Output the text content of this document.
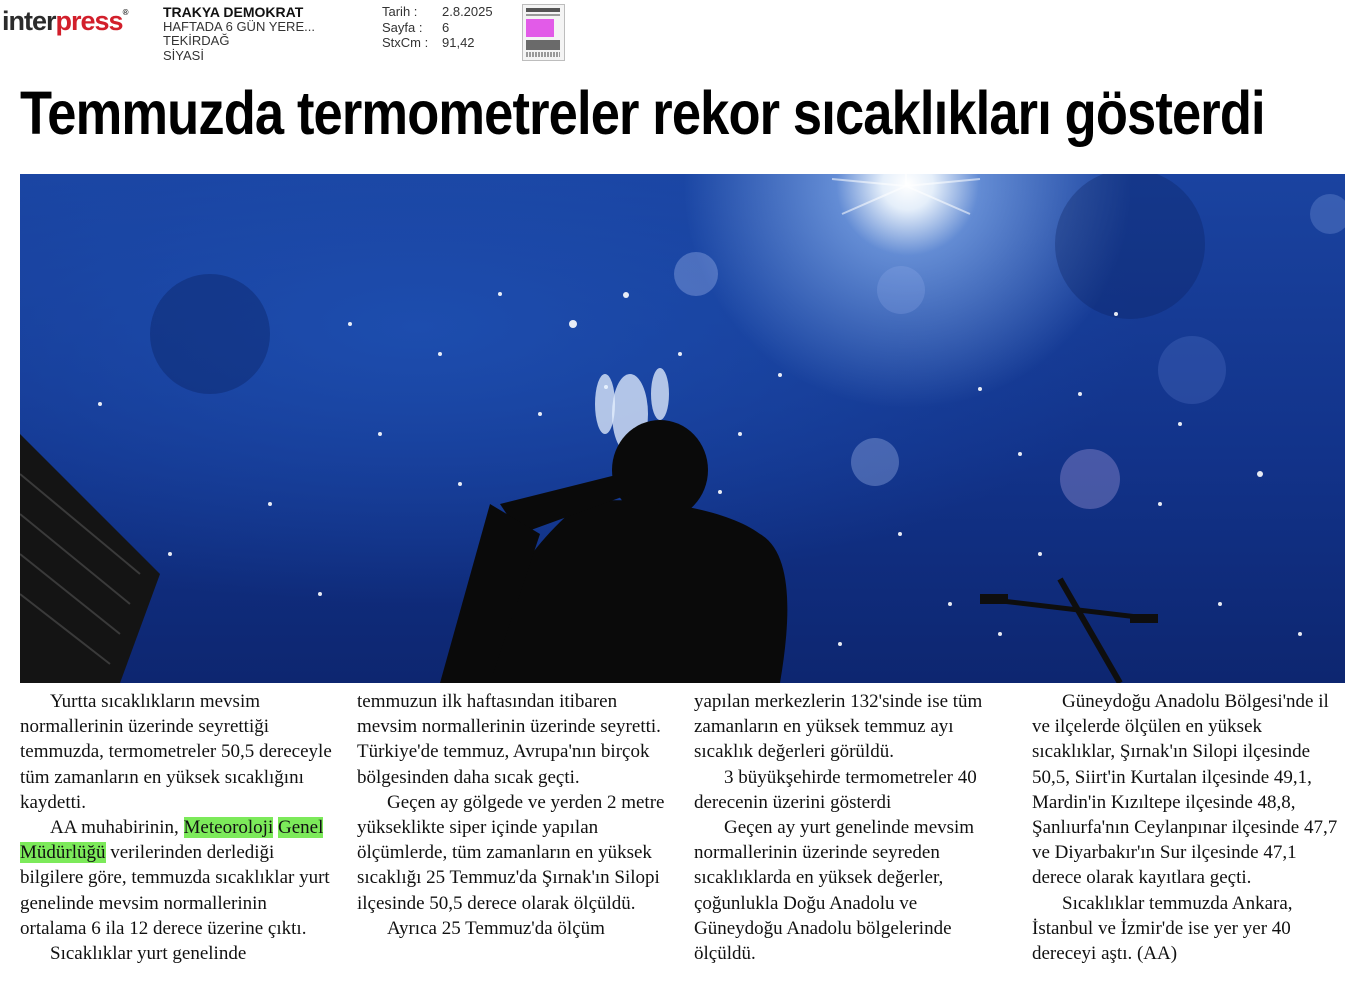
interpress®	TRAKYA DEMOKRAT
HAFTADA 6 GÜN YERE...
TEKİRDAĞ
SİYASİ
Tarih :	2.8.2025
Sayfa :	6
StxCm :	91,42
Temmuzda termometreler rekor sıcaklıkları gösterdi

Yurtta sıcaklıkların mevsim normallerinin üzerinde seyrettiği temmuzda, termometreler 50,5 dereceyle tüm zamanların en yüksek sıcaklığını kaydetti.

AA muhabirinin, Meteoroloji Genel Müdürlüğü verilerinden derlediği bilgilere göre, temmuzda sıcaklıklar yurt genelinde mevsim normallerinin ortalama 6 ila 12 derece üzerine çıktı.

Sıcaklıklar yurt genelinde

temmuzun ilk haftasından itibaren mevsim normallerinin üzerinde seyretti. Türkiye'de temmuz, Avrupa'nın birçok bölgesinden daha sıcak geçti.

Geçen ay gölgede ve yerden 2 metre yükseklikte siper içinde yapılan ölçümlerde, tüm zamanların en yüksek sıcaklığı 25 Temmuz'da Şırnak'ın Silopi ilçesinde 50,5 derece olarak ölçüldü.

Ayrıca 25 Temmuz'da ölçüm

yapılan merkezlerin 132'sinde ise tüm zamanların en yüksek temmuz ayı sıcaklık değerleri görüldü.

3 büyükşehirde termometreler 40 derecenin üzerini gösterdi

Geçen ay yurt genelinde mevsim normallerinin üzerinde seyreden sıcaklıklarda en yüksek değerler, çoğunlukla Doğu Anadolu ve Güneydoğu Anadolu bölgelerinde ölçüldü.

Güneydoğu Anadolu Bölgesi'nde il ve ilçelerde ölçülen en yüksek sıcaklıklar, Şırnak'ın Silopi ilçesinde 50,5, Siirt'in Kurtalan ilçesinde 49,1, Mardin'in Kızıltepe ilçesinde 48,8, Şanlıurfa'nın Ceylanpınar ilçesinde 47,7 ve Diyarbakır'ın Sur ilçesinde 47,1 derece olarak kayıtlara geçti.

Sıcaklıklar temmuzda Ankara, İstanbul ve İzmir'de ise yer yer 40 dereceyi aştı. (AA)
